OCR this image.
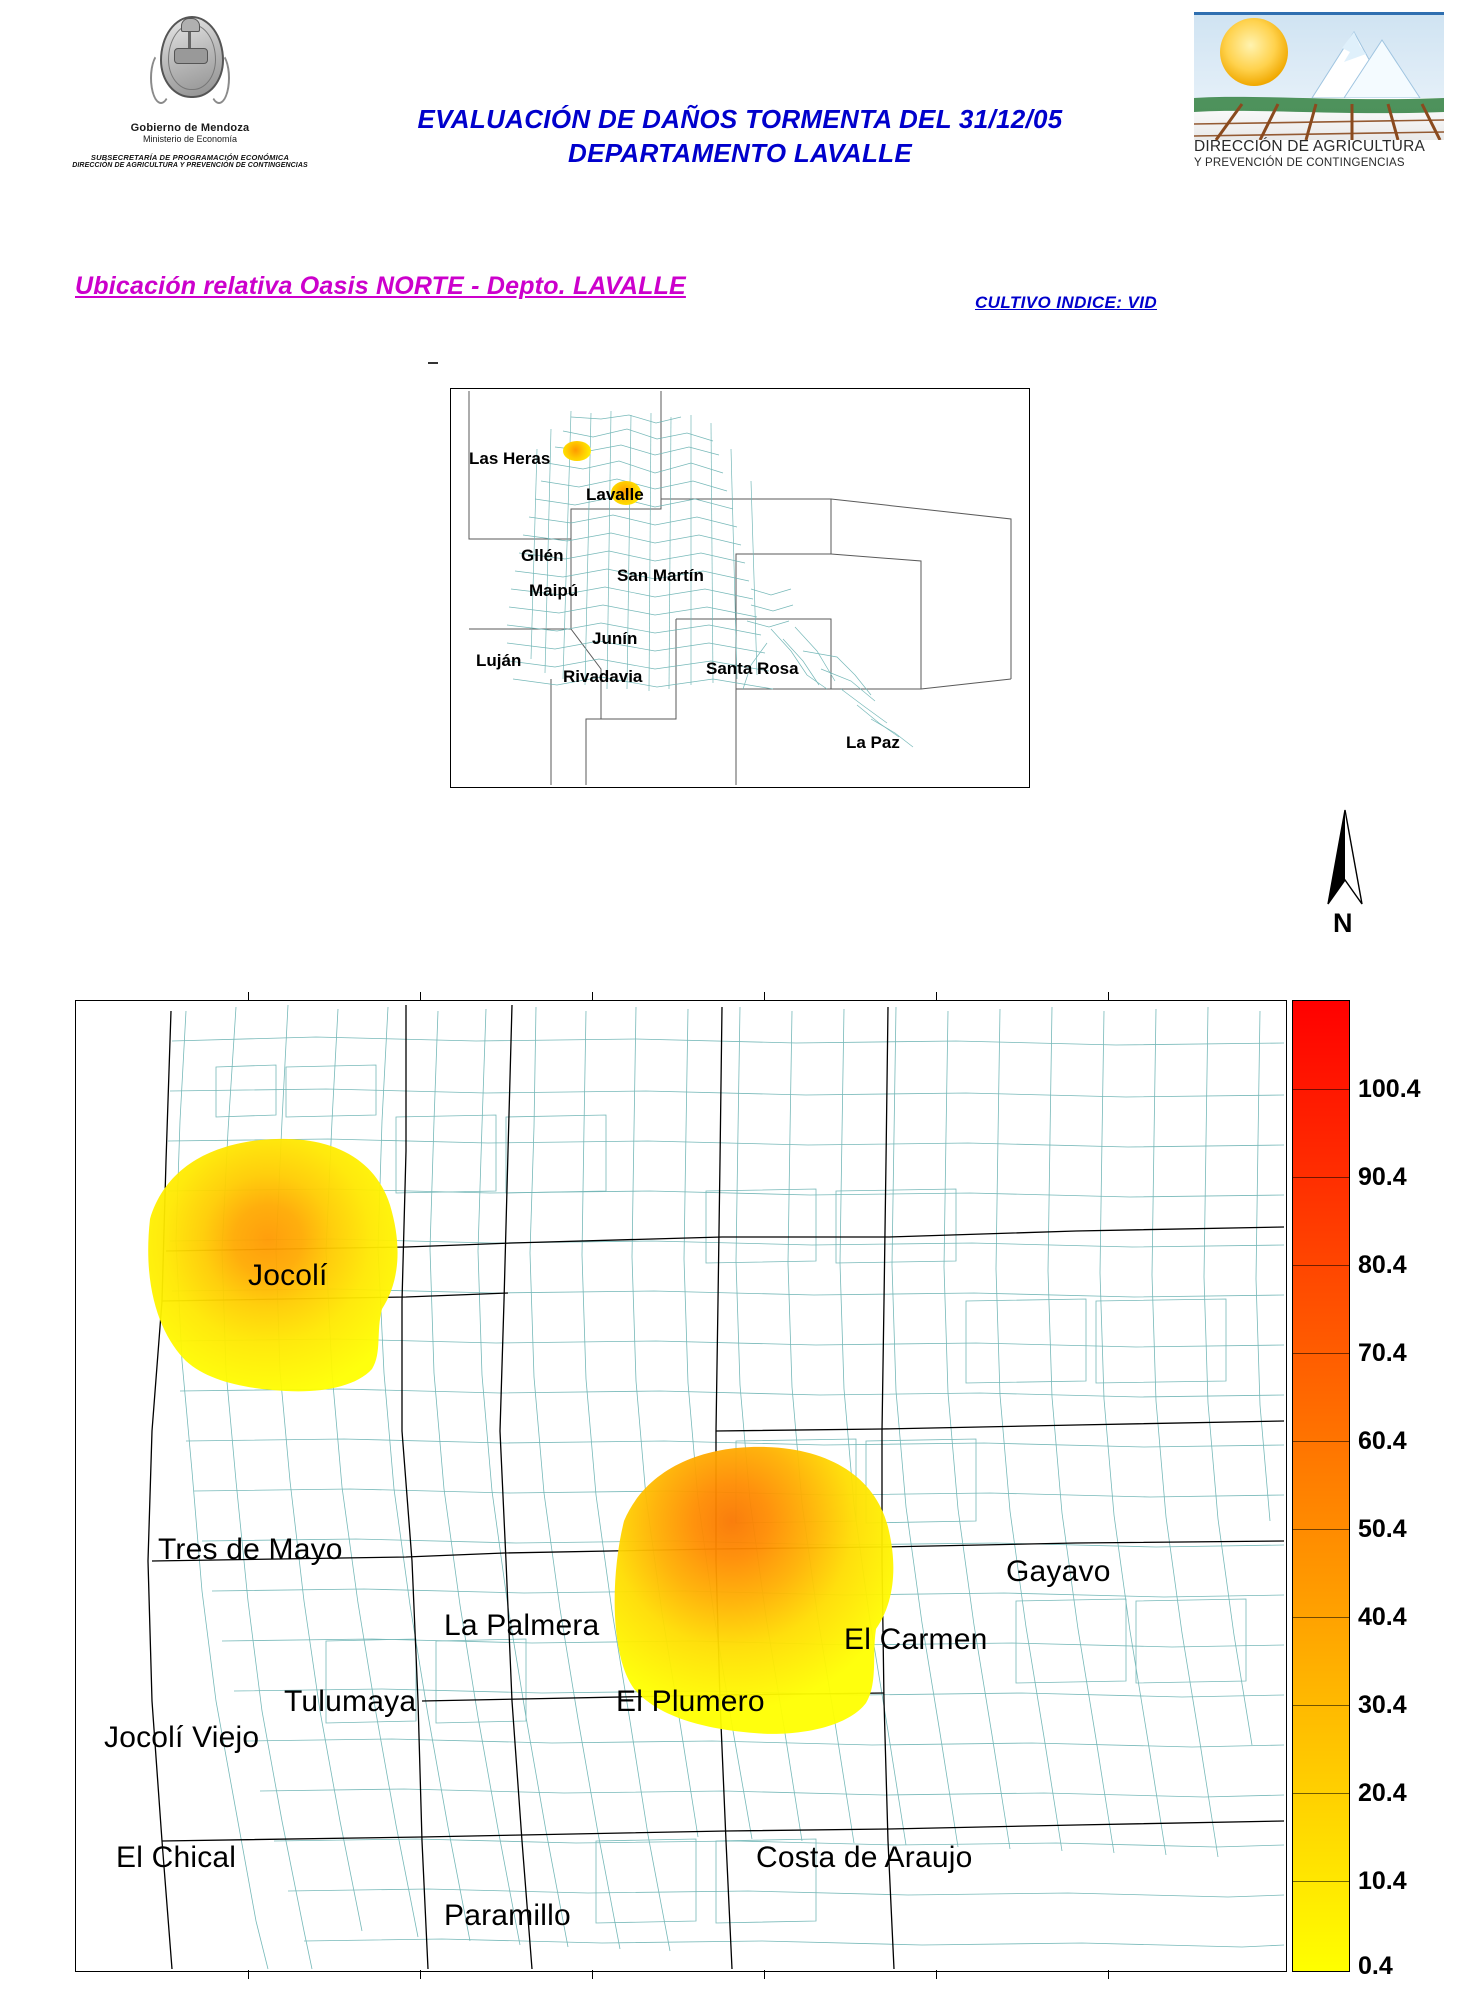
Gobierno de Mendoza
Ministerio de Economía
SUBSECRETARÍA DE PROGRAMACIÓN ECONÓMICA
DIRECCIÓN DE AGRICULTURA Y PREVENCIÓN DE CONTINGENCIAS
EVALUACIÓN DE DAÑOS TORMENTA DEL 31/12/05
DEPARTAMENTO LAVALLE	DIRECCIÓN DE AGRICULTURA
Y PREVENCIÓN DE CONTINGENCIAS
Ubicación relativa Oasis NORTE - Depto. LAVALLE
CULTIVO INDICE: VID
Las Heras
Lavalle
Gllén
Maipú
San Martín
Junín
Luján
Rivadavia	Santa Rosa
La Paz
N
Jocolí
Tres de Mayo
La Palmera
Gayavo
El Carmen
Tulumaya	El Plumero
Jocolí Viejo
El Chical	Costa de Araujo
Paramillo
100.4
90.4
80.4
70.4
60.4
50.4
40.4
30.4
20.4
10.4
0.4
